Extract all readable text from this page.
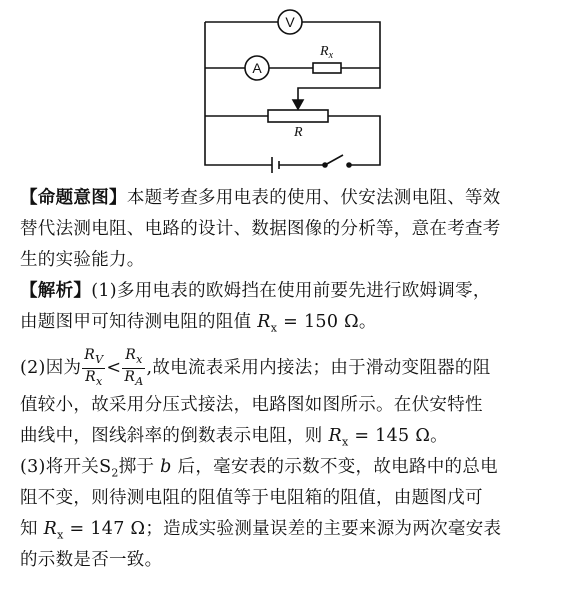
V
A
$R_x$
R
【命题意图】本题考查多用电表的使用、伏安法测电阻、等效
替代法测电阻、电路的设计、数据图像的分析等，意在考查考
生的实验能力。
【解析】(1)多用电表的欧姆挡在使用前要先进行欧姆调零，
由题图甲可知待测电阻的阻值 $R_x = 150$ Ω。
(2)因为 $\frac{R_V}{R_x} < \frac{R_x}{R_A}$ ,故电流表采用内接法；由于滑动变阻器的阻
值较小，故采用分压式接法，电路图如图所示。在伏安特性
曲线中，图线斜率的倒数表示电阻，则 $R_x = 145$ Ω。
(3)将开关$S_2$掷于 b 后，毫安表的示数不变，故电路中的总电
阻不变，则待测电阻的阻值等于电阻箱的阻值，由题图戊可
知 $R_x = 147$ Ω；造成实验测量误差的主要来源为两次毫安表
的示数是否一致。
